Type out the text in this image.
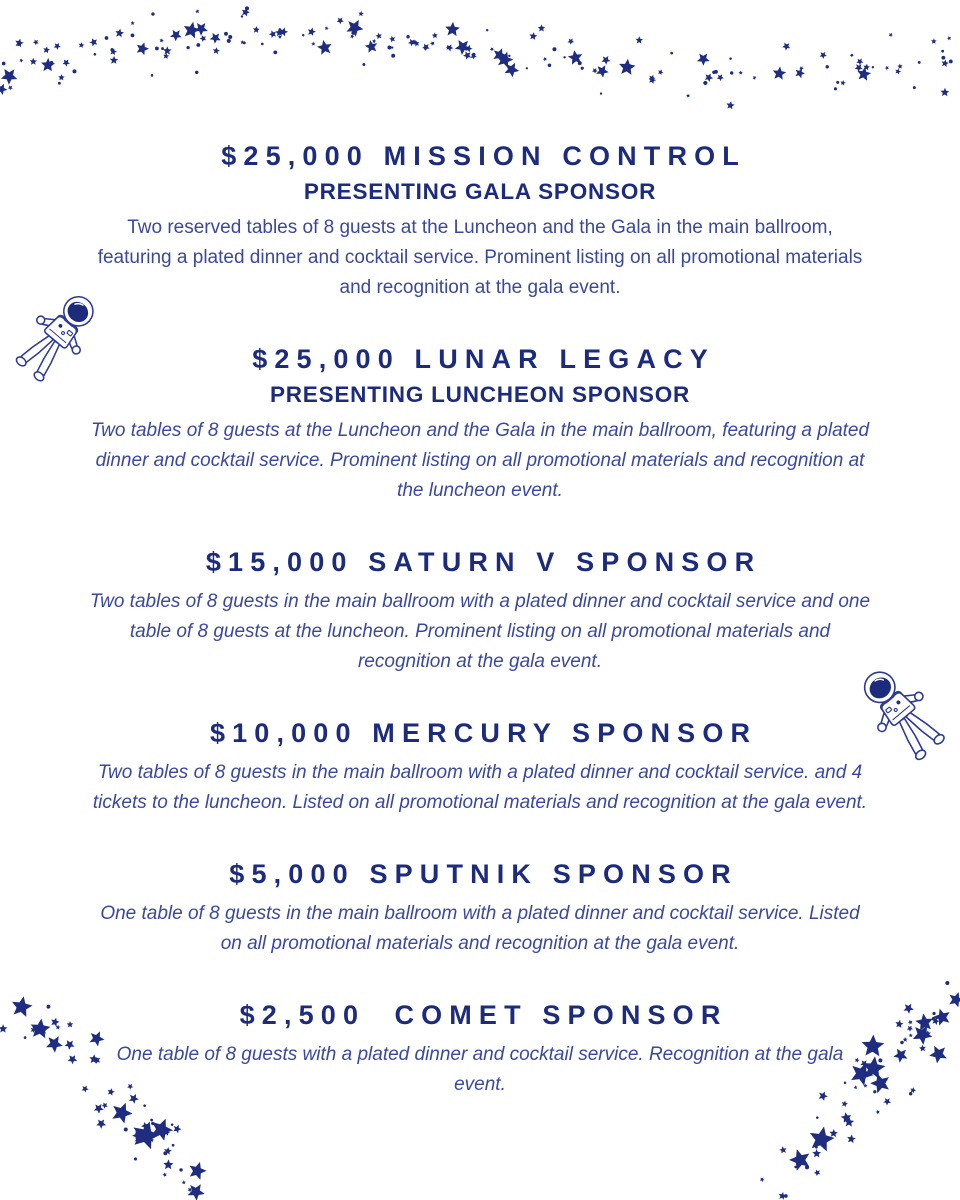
$25,000 MISSION CONTROL
PRESENTING GALA SPONSOR

Two reserved tables of 8 guests at the Luncheon and the Gala in the main ballroom, featuring a plated dinner and cocktail service. Prominent listing on all promotional materials and recognition at the gala event.

$25,000 LUNAR LEGACY
PRESENTING LUNCHEON SPONSOR

Two tables of 8 guests at the Luncheon and the Gala in the main ballroom, featuring a plated dinner and cocktail service. Prominent listing on all promotional materials and recognition at the luncheon event.

$15,000 SATURN V SPONSOR

Two tables of 8 guests in the main ballroom with a plated dinner and cocktail service and one table of 8 guests at the luncheon. Prominent listing on all promotional materials and recognition at the gala event.

$10,000 MERCURY SPONSOR

Two tables of 8 guests in the main ballroom with a plated dinner and cocktail service. and 4 tickets to the luncheon. Listed on all promotional materials and recognition at the gala event.

$5,000 SPUTNIK SPONSOR

One table of 8 guests in the main ballroom with a plated dinner and cocktail service. Listed on all promotional materials and recognition at the gala event.

$2,500  COMET SPONSOR

One table of 8 guests with a plated dinner and cocktail service. Recognition at the gala event.
